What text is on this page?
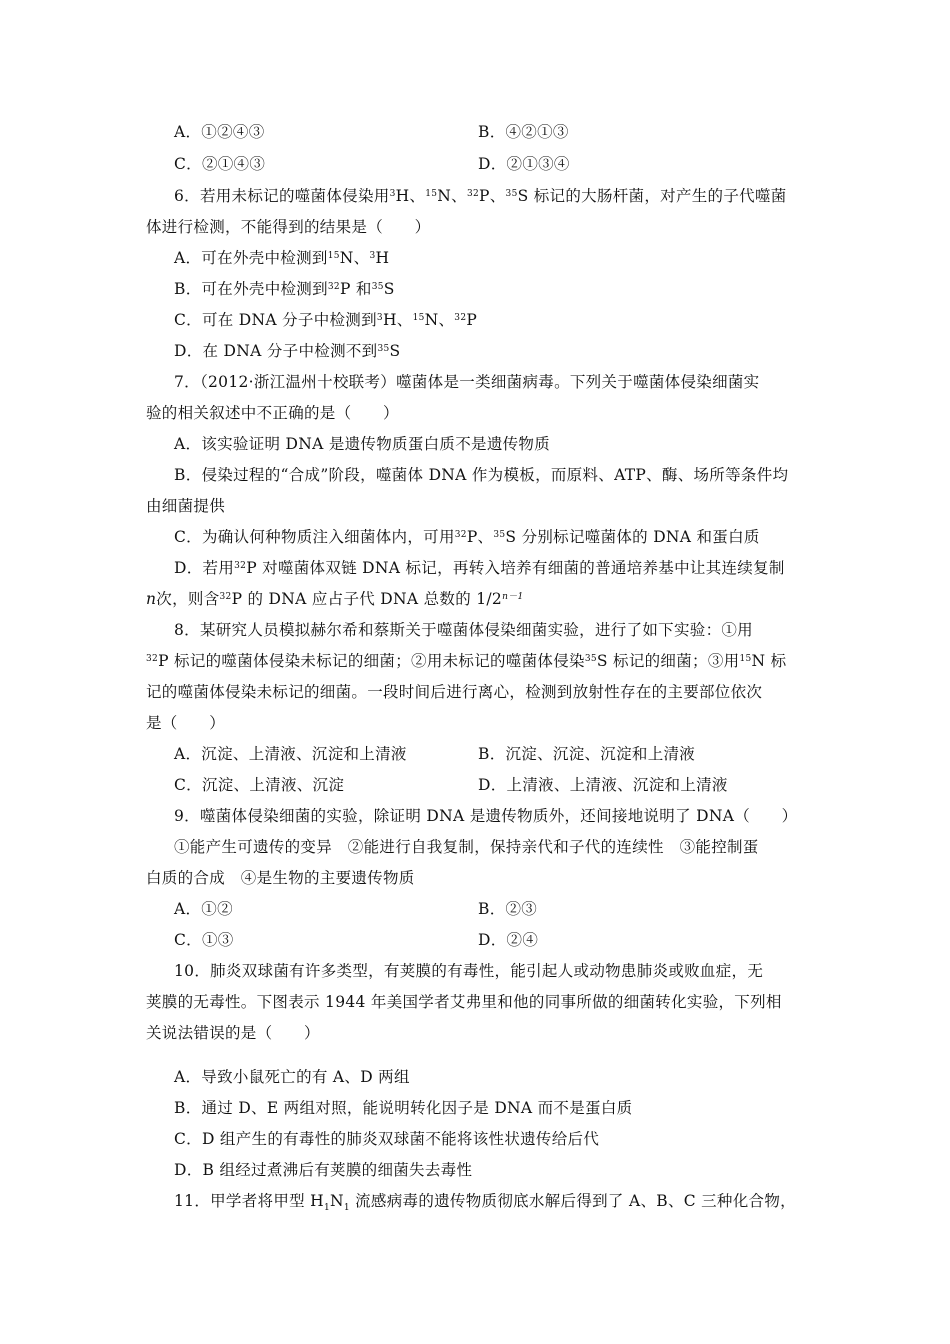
A．①②④③	B．④②①③
C．②①④③	D．②①③④
6．若用未标记的噬菌体侵染用$^3$H、$^{15}$N、$^{32}$P、$^{35}$S 标记的大肠杆菌，对产生的子代噬菌
体进行检测，不能得到的结果是（　　）
A．可在外壳中检测到$^{15}$N、$^3$H
B．可在外壳中检测到$^{32}$P 和$^{35}$S
C．可在 DNA 分子中检测到$^3$H、$^{15}$N、$^{32}$P
D．在 DNA 分子中检测不到$^{35}$S
7．（2012·浙江温州十校联考）噬菌体是一类细菌病毒。下列关于噬菌体侵染细菌实
验的相关叙述中不正确的是（　　）
A．该实验证明 DNA 是遗传物质蛋白质不是遗传物质
B．侵染过程的“合成”阶段，噬菌体 DNA 作为模板，而原料、ATP、酶、场所等条件均
由细菌提供
C．为确认何种物质注入细菌体内，可用$^{32}$P、$^{35}$S 分别标记噬菌体的 DNA 和蛋白质
D．若用$^{32}$P 对噬菌体双链 DNA 标记，再转入培养有细菌的普通培养基中让其连续复制
n次，则含$^{32}$P 的 DNA 应占子代 DNA 总数的 $1/2^{n-1}$
8．某研究人员模拟赫尔希和蔡斯关于噬菌体侵染细菌实验，进行了如下实验：①用
$^{32}$P 标记的噬菌体侵染未标记的细菌；②用未标记的噬菌体侵染$^{35}$S 标记的细菌；③用$^{15}$N 标
记的噬菌体侵染未标记的细菌。一段时间后进行离心，检测到放射性存在的主要部位依次
是（　　）
A．沉淀、上清液、沉淀和上清液	B．沉淀、沉淀、沉淀和上清液
C．沉淀、上清液、沉淀	D．上清液、上清液、沉淀和上清液
9．噬菌体侵染细菌的实验，除证明 DNA 是遗传物质外，还间接地说明了 DNA（　　）
①能产生可遗传的变异　②能进行自我复制，保持亲代和子代的连续性　③能控制蛋
白质的合成　④是生物的主要遗传物质
A．①②	B．②③
C．①③	D．②④
10．肺炎双球菌有许多类型，有荚膜的有毒性，能引起人或动物患肺炎或败血症，无
荚膜的无毒性。下图表示 1944 年美国学者艾弗里和他的同事所做的细菌转化实验，下列相
关说法错误的是（　　）
A．导致小鼠死亡的有 A、D 两组
B．通过 D、E 两组对照，能说明转化因子是 DNA 而不是蛋白质
C．D 组产生的有毒性的肺炎双球菌不能将该性状遗传给后代
D．B 组经过煮沸后有荚膜的细菌失去毒性
11．甲学者将甲型 $H_1N_1$ 流感病毒的遗传物质彻底水解后得到了 A、B、C 三种化合物，
